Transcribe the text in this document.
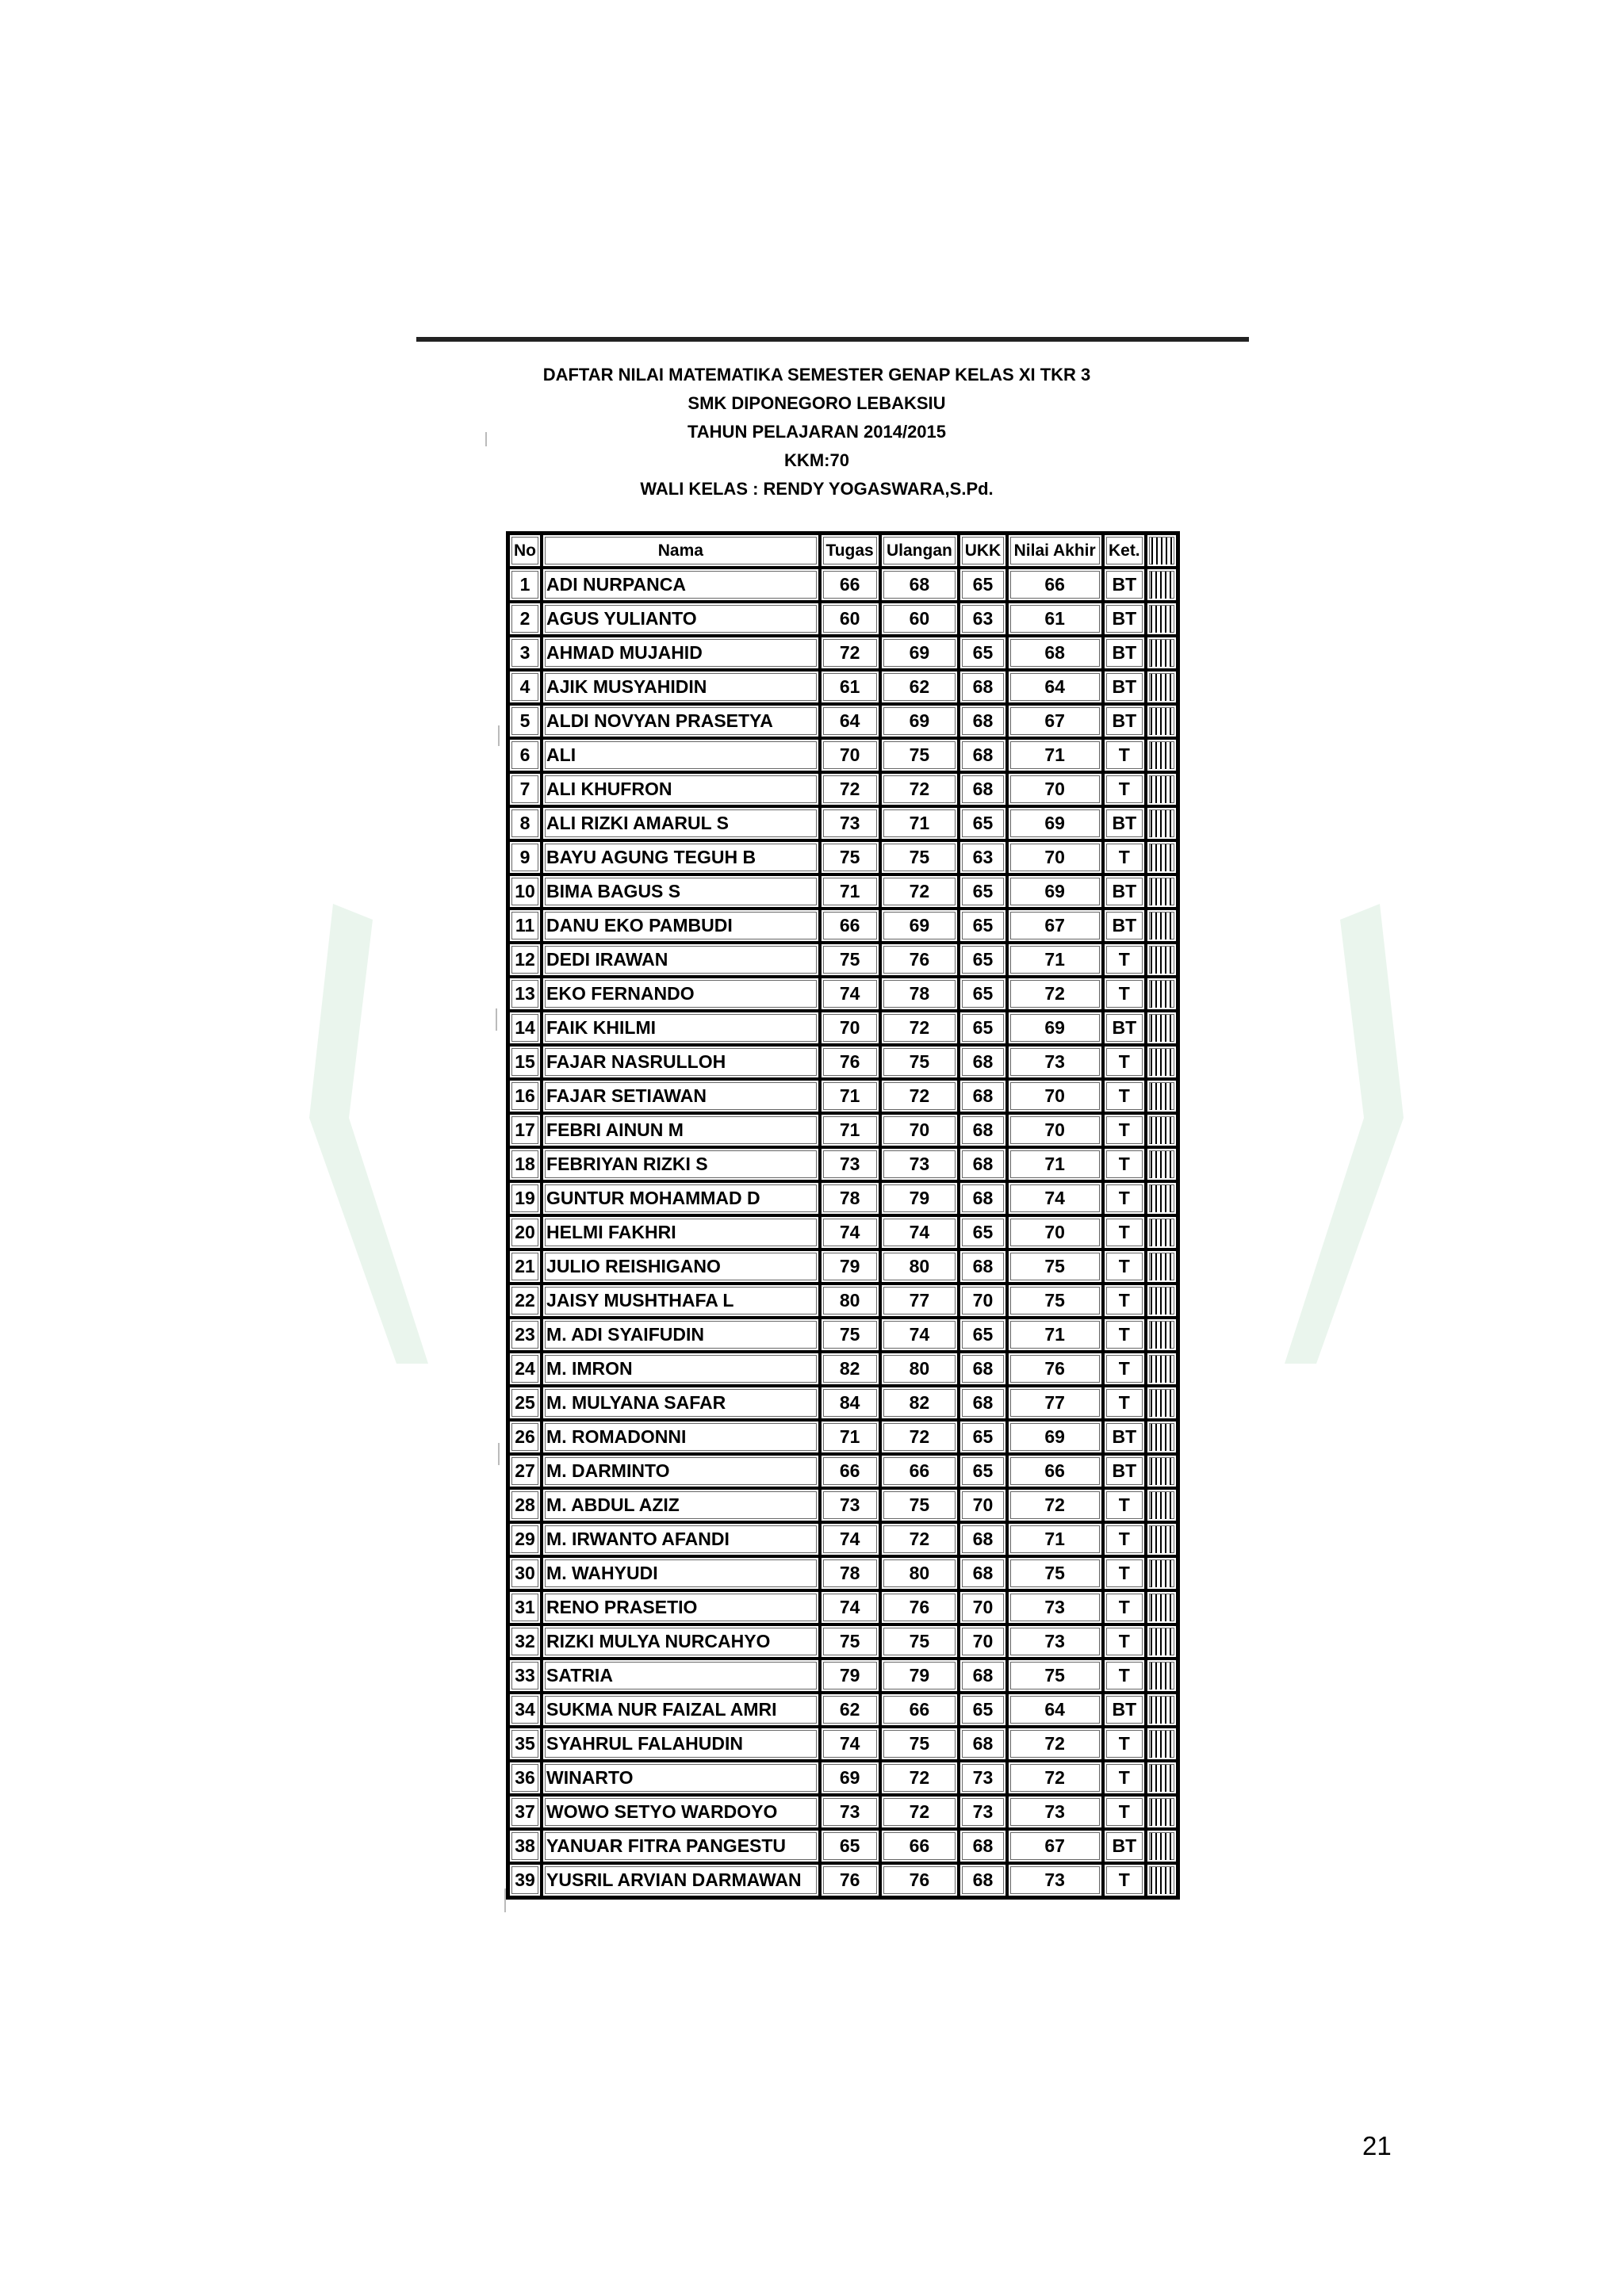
DAFTAR NILAI MATEMATIKA SEMESTER GENAP KELAS XI TKR 3
SMK DIPONEGORO LEBAKSIU
TAHUN PELAJARAN 2014/2015
KKM:70
WALI KELAS : RENDY YOGASWARA,S.Pd.
No	Nama	Tugas	Ulangan	UKK	Nilai Akhir	Ket.	
1	ADI NURPANCA	66	68	65	66	BT	
2	AGUS YULIANTO	60	60	63	61	BT	
3	AHMAD MUJAHID	72	69	65	68	BT	
4	AJIK MUSYAHIDIN	61	62	68	64	BT	
5	ALDI NOVYAN PRASETYA	64	69	68	67	BT	
6	ALI	70	75	68	71	T	
7	ALI KHUFRON	72	72	68	70	T	
8	ALI RIZKI AMARUL S	73	71	65	69	BT	
9	BAYU AGUNG TEGUH B	75	75	63	70	T	
10	BIMA BAGUS S	71	72	65	69	BT	
11	DANU EKO PAMBUDI	66	69	65	67	BT	
12	DEDI IRAWAN	75	76	65	71	T	
13	EKO FERNANDO	74	78	65	72	T	
14	FAIK KHILMI	70	72	65	69	BT	
15	FAJAR NASRULLOH	76	75	68	73	T	
16	FAJAR SETIAWAN	71	72	68	70	T	
17	FEBRI AINUN M	71	70	68	70	T	
18	FEBRIYAN RIZKI S	73	73	68	71	T	
19	GUNTUR MOHAMMAD D	78	79	68	74	T	
20	HELMI FAKHRI	74	74	65	70	T	
21	JULIO REISHIGANO	79	80	68	75	T	
22	JAISY MUSHTHAFA L	80	77	70	75	T	
23	M. ADI SYAIFUDIN	75	74	65	71	T	
24	M. IMRON	82	80	68	76	T	
25	M. MULYANA SAFAR	84	82	68	77	T	
26	M. ROMADONNI	71	72	65	69	BT	
27	M. DARMINTO	66	66	65	66	BT	
28	M. ABDUL AZIZ	73	75	70	72	T	
29	M. IRWANTO AFANDI	74	72	68	71	T	
30	M. WAHYUDI	78	80	68	75	T	
31	RENO PRASETIO	74	76	70	73	T	
32	RIZKI MULYA NURCAHYO	75	75	70	73	T	
33	SATRIA	79	79	68	75	T	
34	SUKMA NUR FAIZAL AMRI	62	66	65	64	BT	
35	SYAHRUL FALAHUDIN	74	75	68	72	T	
36	WINARTO	69	72	73	72	T	
37	WOWO SETYO WARDOYO	73	72	73	73	T	
38	YANUAR FITRA PANGESTU	65	66	68	67	BT	
39	YUSRIL ARVIAN DARMAWAN	76	76	68	73	T	
21
